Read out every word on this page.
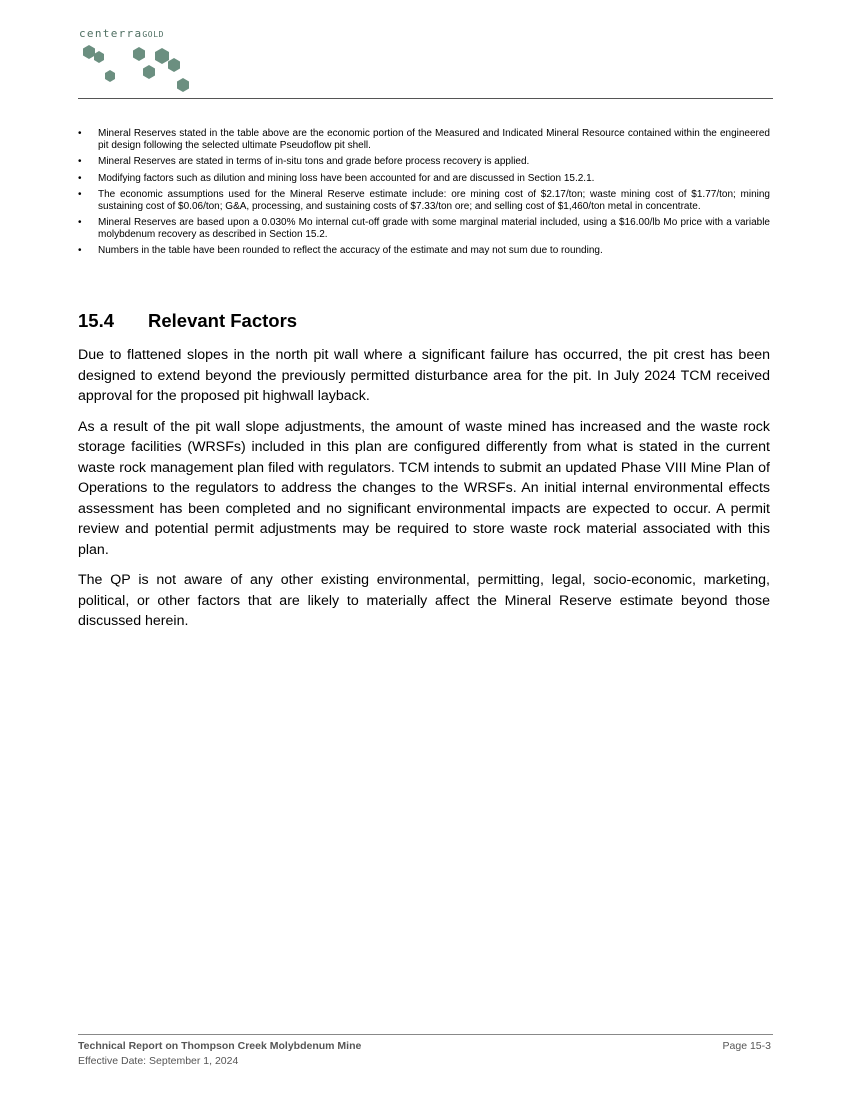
centerraGOLD
• Mineral Reserves stated in the table above are the economic portion of the Measured and Indicated Mineral Resource contained within the engineered pit design following the selected ultimate Pseudoflow pit shell.
• Mineral Reserves are stated in terms of in-situ tons and grade before process recovery is applied.
• Modifying factors such as dilution and mining loss have been accounted for and are discussed in Section 15.2.1.
• The economic assumptions used for the Mineral Reserve estimate include: ore mining cost of $2.17/ton; waste mining cost of $1.77/ton; mining sustaining cost of $0.06/ton; G&A, processing, and sustaining costs of $7.33/ton ore; and selling cost of $1,460/ton metal in concentrate.
• Mineral Reserves are based upon a 0.030% Mo internal cut-off grade with some marginal material included, using a $16.00/lb Mo price with a variable molybdenum recovery as described in Section 15.2.
• Numbers in the table have been rounded to reflect the accuracy of the estimate and may not sum due to rounding.
15.4 Relevant Factors

Due to flattened slopes in the north pit wall where a significant failure has occurred, the pit crest has been designed to extend beyond the previously permitted disturbance area for the pit. In July 2024 TCM received approval for the proposed pit highwall layback.

As a result of the pit wall slope adjustments, the amount of waste mined has increased and the waste rock storage facilities (WRSFs) included in this plan are configured differently from what is stated in the current waste rock management plan filed with regulators. TCM intends to submit an updated Phase VIII Mine Plan of Operations to the regulators to address the changes to the WRSFs. An initial internal environmental effects assessment has been completed and no significant environmental impacts are expected to occur. A permit review and potential permit adjustments may be required to store waste rock material associated with this plan.

The QP is not aware of any other existing environmental, permitting, legal, socio-economic, marketing, political, or other factors that are likely to materially affect the Mineral Reserve estimate beyond those discussed herein.

Technical Report on Thompson Creek Molybdenum Mine
Effective Date: September 1, 2024
Page 15-3
